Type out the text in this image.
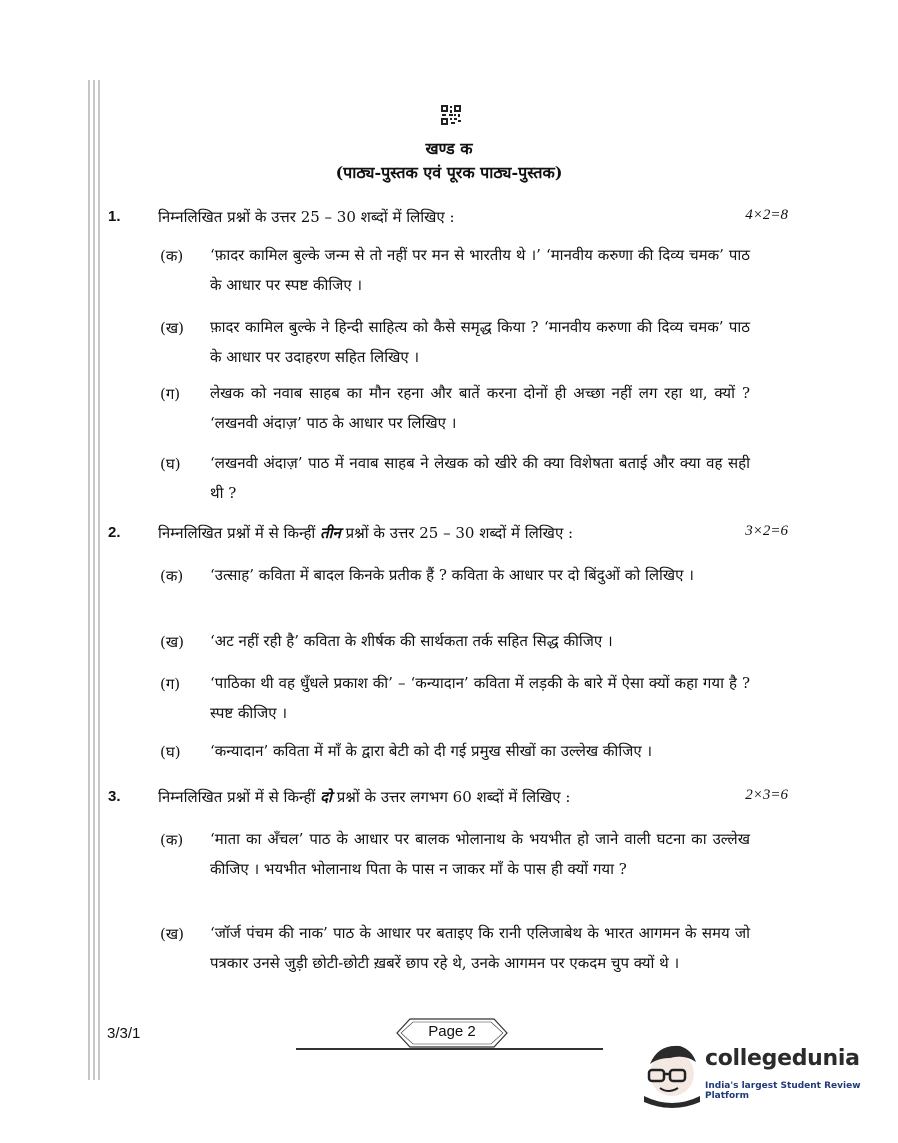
खण्ड क
(पाठ्य-पुस्तक एवं पूरक पाठ्य-पुस्तक)
1. निम्नलिखित प्रश्नों के उत्तर 25 – 30 शब्दों में लिखिए :	4×2=8
(क) ‘फ़ादर कामिल बुल्के जन्म से तो नहीं पर मन से भारतीय थे ।’ ‘मानवीय करुणा की दिव्य चमक’ पाठ के आधार पर स्पष्ट कीजिए ।
(ख) फ़ादर कामिल बुल्के ने हिन्दी साहित्य को कैसे समृद्ध किया ? ‘मानवीय करुणा की दिव्य चमक’ पाठ के आधार पर उदाहरण सहित लिखिए ।
(ग) लेखक को नवाब साहब का मौन रहना और बातें करना दोनों ही अच्छा नहीं लग रहा था, क्यों ? ‘लखनवी अंदाज़’ पाठ के आधार पर लिखिए ।
(घ) ‘लखनवी अंदाज़’ पाठ में नवाब साहब ने लेखक को खीरे की क्या विशेषता बताई और क्या वह सही थी ?
2. निम्नलिखित प्रश्नों में से किन्हीं तीन प्रश्नों के उत्तर 25 – 30 शब्दों में लिखिए :	3×2=6
(क) ‘उत्साह’ कविता में बादल किनके प्रतीक हैं ? कविता के आधार पर दो बिंदुओं को लिखिए ।
(ख) ‘अट नहीं रही है’ कविता के शीर्षक की सार्थकता तर्क सहित सिद्ध कीजिए ।
(ग) ‘पाठिका थी वह धुँधले प्रकाश की’ – ‘कन्यादान’ कविता में लड़की के बारे में ऐसा क्यों कहा गया है ? स्पष्ट कीजिए ।
(घ) ‘कन्यादान’ कविता में माँ के द्वारा बेटी को दी गई प्रमुख सीखों का उल्लेख कीजिए ।
3. निम्नलिखित प्रश्नों में से किन्हीं दो प्रश्नों के उत्तर लगभग 60 शब्दों में लिखिए :	2×3=6
(क) ‘माता का अँचल’ पाठ के आधार पर बालक भोलानाथ के भयभीत हो जाने वाली घटना का उल्लेख कीजिए । भयभीत भोलानाथ पिता के पास न जाकर माँ के पास ही क्यों गया ?
(ख) ‘जॉर्ज पंचम की नाक’ पाठ के आधार पर बताइए कि रानी एलिजाबेथ के भारत आगमन के समय जो पत्रकार उनसे जुड़ी छोटी-छोटी ख़बरें छाप रहे थे, उनके आगमन पर एकदम चुप क्यों थे ।
3/3/1	Page 2
collegedunia
India's largest Student Review Platform
